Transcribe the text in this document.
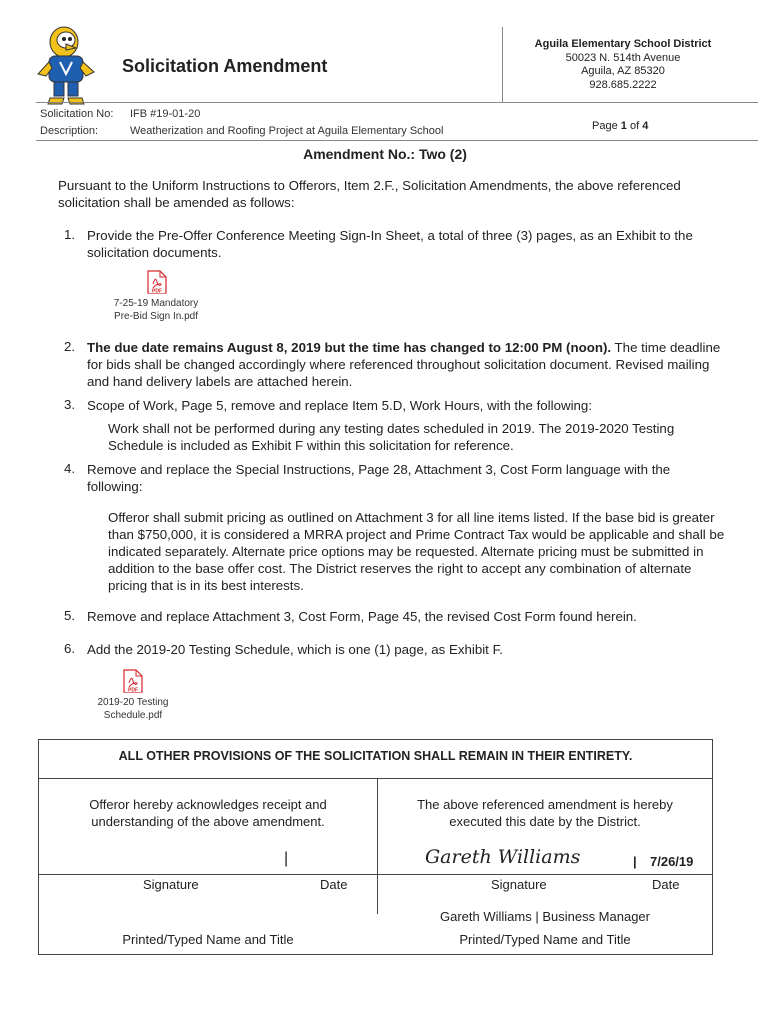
Solicitation Amendment
Aguila Elementary School District
50023 N. 514th Avenue
Aguila, AZ 85320
928.685.2222
Solicitation No: IFB #19-01-20
Description:	Weatherization and Roofing Project at Aguila Elementary School	Page 1 of 4
Amendment No.: Two (2)
Pursuant to the Uniform Instructions to Offerors, Item 2.F., Solicitation Amendments, the above referenced solicitation shall be amended as follows:
1. Provide the Pre-Offer Conference Meeting Sign-In Sheet, a total of three (3) pages, as an Exhibit to the solicitation documents.
PDF
7-25-19 Mandatory
Pre-Bid Sign In.pdf
2. The due date remains August 8, 2019 but the time has changed to 12:00 PM (noon). The time deadline for bids shall be changed accordingly where referenced throughout solicitation document. Revised mailing and hand delivery labels are attached herein.
3. Scope of Work, Page 5, remove and replace Item 5.D, Work Hours, with the following:
Work shall not be performed during any testing dates scheduled in 2019. The 2019-2020 Testing Schedule is included as Exhibit F within this solicitation for reference.
4. Remove and replace the Special Instructions, Page 28, Attachment 3, Cost Form language with the following:
Offeror shall submit pricing as outlined on Attachment 3 for all line items listed. If the base bid is greater than $750,000, it is considered a MRRA project and Prime Contract Tax would be applicable and shall be indicated separately. Alternate price options may be requested. Alternate pricing must be submitted in addition to the base offer cost. The District reserves the right to accept any combination of alternate pricing that is in its best interests.
5. Remove and replace Attachment 3, Cost Form, Page 45, the revised Cost Form found herein.
6. Add the 2019-20 Testing Schedule, which is one (1) page, as Exhibit F.
PDF
2019-20 Testing
Schedule.pdf
ALL OTHER PROVISIONS OF THE SOLICITATION SHALL REMAIN IN THEIR ENTIRETY.
Offeror hereby acknowledges receipt and
understanding of the above amendment.
The above referenced amendment is hereby
executed this date by the District.
|	Gareth Williams	| 7/26/19
Signature	Date	Signature	Date
Gareth Williams | Business Manager
Printed/Typed Name and Title	Printed/Typed Name and Title
